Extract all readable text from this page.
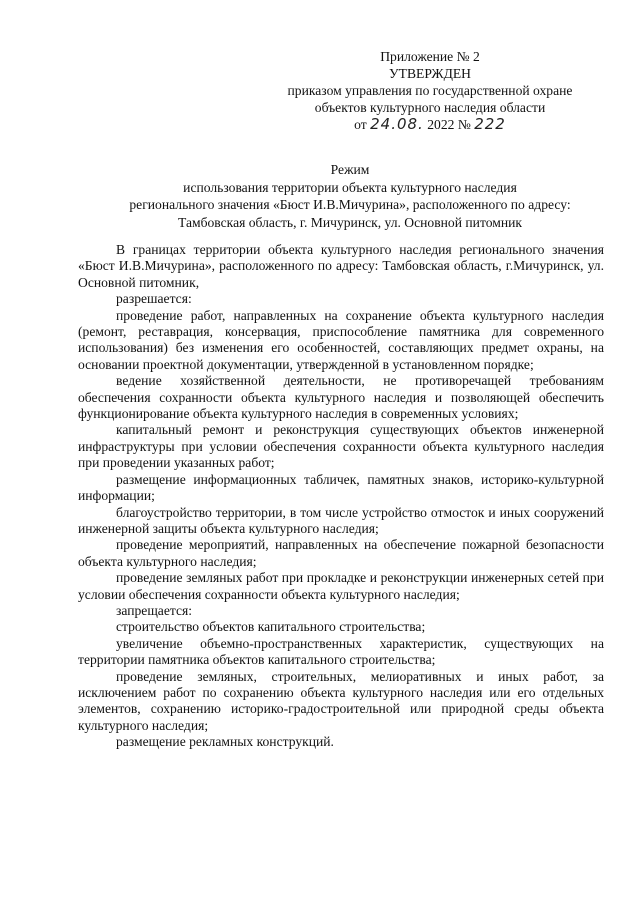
Приложение № 2
УТВЕРЖДЕН
приказом управления по государственной охране
объектов культурного наследия области
от 24.08. 2022 № 222
Режим
использования территории объекта культурного наследия
регионального значения «Бюст И.В.Мичурина», расположенного по адресу:
Тамбовская область, г. Мичуринск, ул. Основной питомник

В границах территории объекта культурного наследия регионального значения «Бюст И.В.Мичурина», расположенного по адресу: Тамбовская область, г.Мичуринск, ул. Основной питомник,

разрешается:

проведение работ, направленных на сохранение объекта культурного наследия (ремонт, реставрация, консервация, приспособление памятника для современного использования) без изменения его особенностей, составляющих предмет охраны, на основании проектной документации, утвержденной в установленном порядке;

ведение хозяйственной деятельности, не противоречащей требованиям обеспечения сохранности объекта культурного наследия и позволяющей обеспечить функционирование объекта культурного наследия в современных условиях;

капитальный ремонт и реконструкция существующих объектов инженерной инфраструктуры при условии обеспечения сохранности объекта культурного наследия при проведении указанных работ;

размещение информационных табличек, памятных знаков, историко-культурной информации;

благоустройство территории, в том числе устройство отмосток и иных сооружений инженерной защиты объекта культурного наследия;

проведение мероприятий, направленных на обеспечение пожарной безопасности объекта культурного наследия;

проведение земляных работ при прокладке и реконструкции инженерных сетей при условии обеспечения сохранности объекта культурного наследия;

запрещается:

строительство объектов капитального строительства;

увеличение объемно-пространственных характеристик, существующих на территории памятника объектов капитального строительства;

проведение земляных, строительных, мелиоративных и иных работ, за исключением работ по сохранению объекта культурного наследия или его отдельных элементов, сохранению историко-градостроительной или природной среды объекта культурного наследия;

размещение рекламных конструкций.
